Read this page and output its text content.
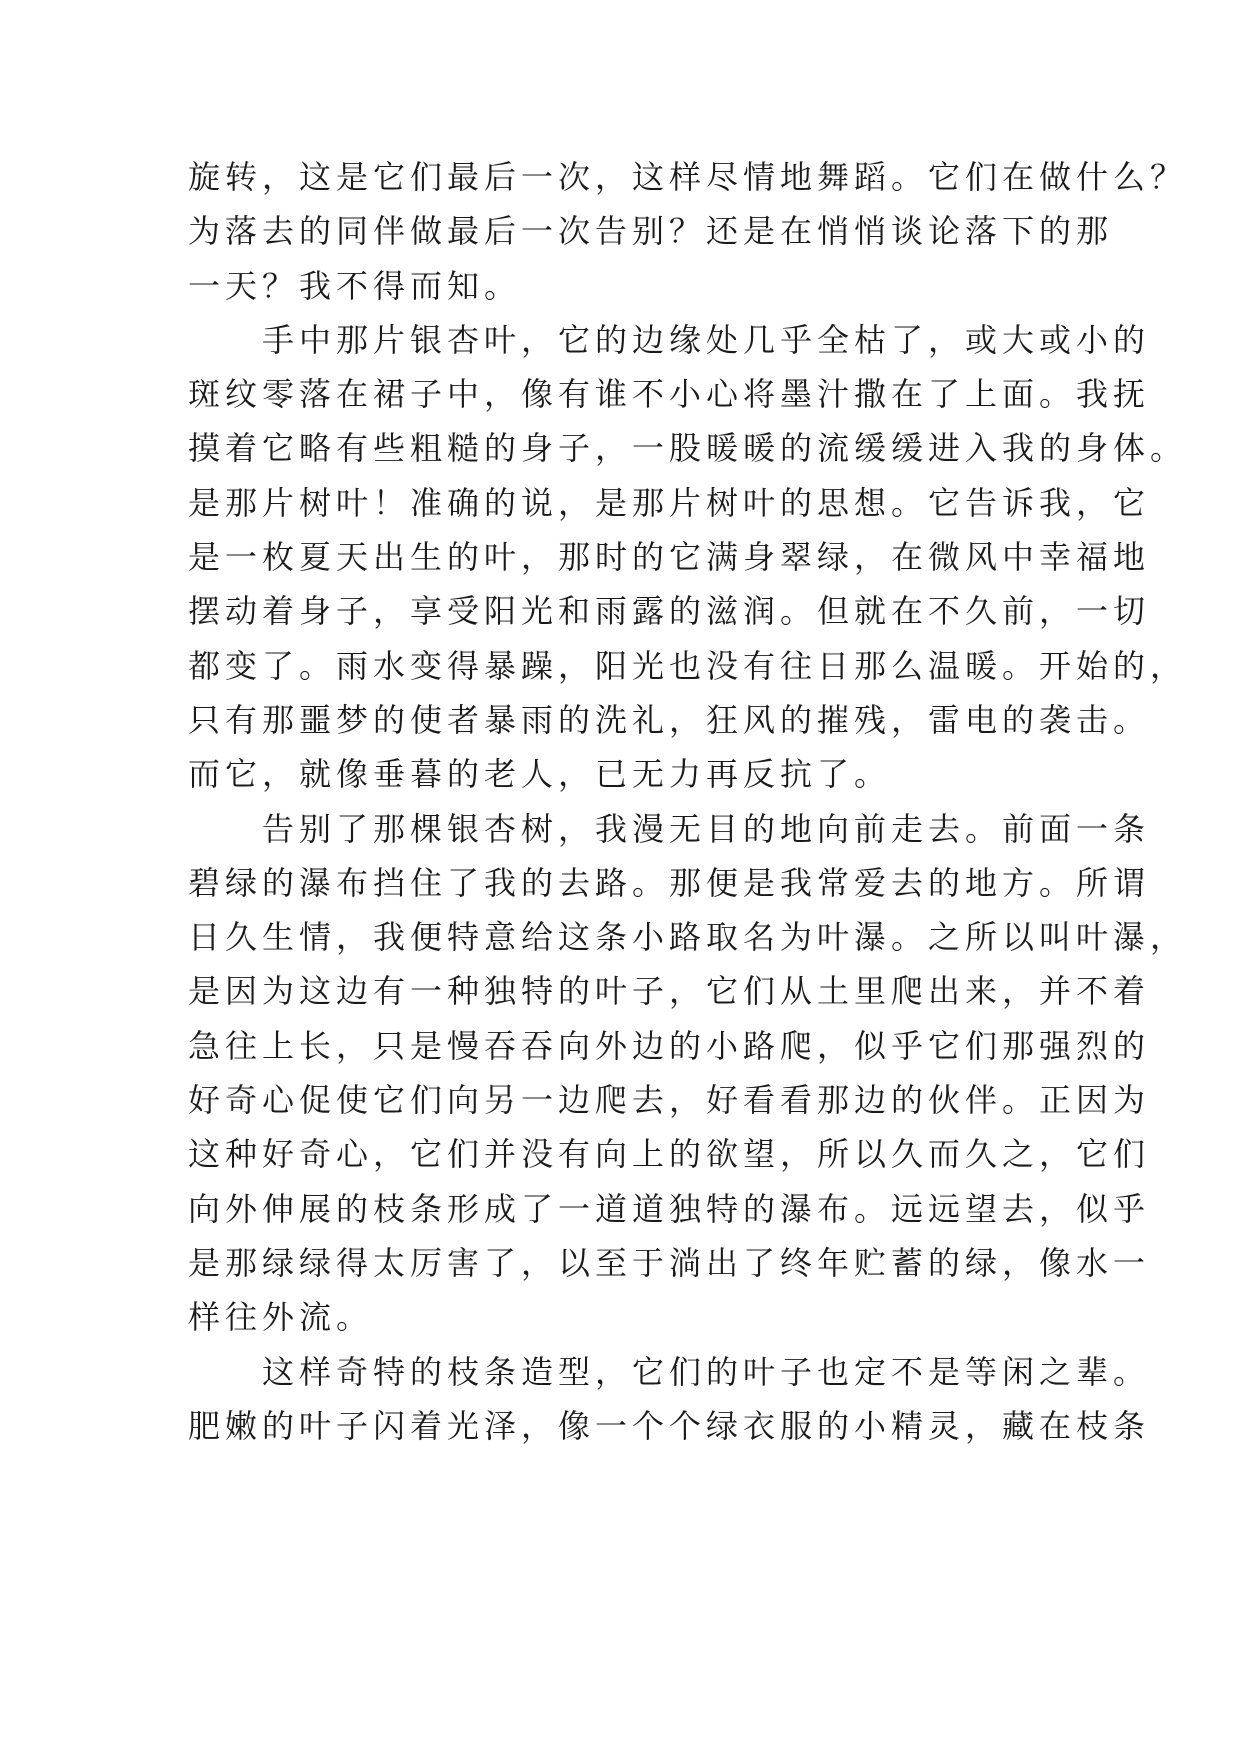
旋转，这是它们最后一次，这样尽情地舞蹈。它们在做什么？
为落去的同伴做最后一次告别？还是在悄悄谈论落下的那
一天？我不得而知。
　　手中那片银杏叶，它的边缘处几乎全枯了，或大或小的
斑纹零落在裙子中，像有谁不小心将墨汁撒在了上面。我抚
摸着它略有些粗糙的身子，一股暖暖的流缓缓进入我的身体。
是那片树叶！准确的说，是那片树叶的思想。它告诉我，它
是一枚夏天出生的叶，那时的它满身翠绿，在微风中幸福地
摆动着身子，享受阳光和雨露的滋润。但就在不久前，一切
都变了。雨水变得暴躁，阳光也没有往日那么温暖。开始的，
只有那噩梦的使者暴雨的洗礼，狂风的摧残，雷电的袭击。
而它，就像垂暮的老人，已无力再反抗了。
　　告别了那棵银杏树，我漫无目的地向前走去。前面一条
碧绿的瀑布挡住了我的去路。那便是我常爱去的地方。所谓
日久生情，我便特意给这条小路取名为叶瀑。之所以叫叶瀑，
是因为这边有一种独特的叶子，它们从土里爬出来，并不着
急往上长，只是慢吞吞向外边的小路爬，似乎它们那强烈的
好奇心促使它们向另一边爬去，好看看那边的伙伴。正因为
这种好奇心，它们并没有向上的欲望，所以久而久之，它们
向外伸展的枝条形成了一道道独特的瀑布。远远望去，似乎
是那绿绿得太厉害了，以至于淌出了终年贮蓄的绿，像水一
样往外流。
　　这样奇特的枝条造型，它们的叶子也定不是等闲之辈。
肥嫩的叶子闪着光泽，像一个个绿衣服的小精灵，藏在枝条
